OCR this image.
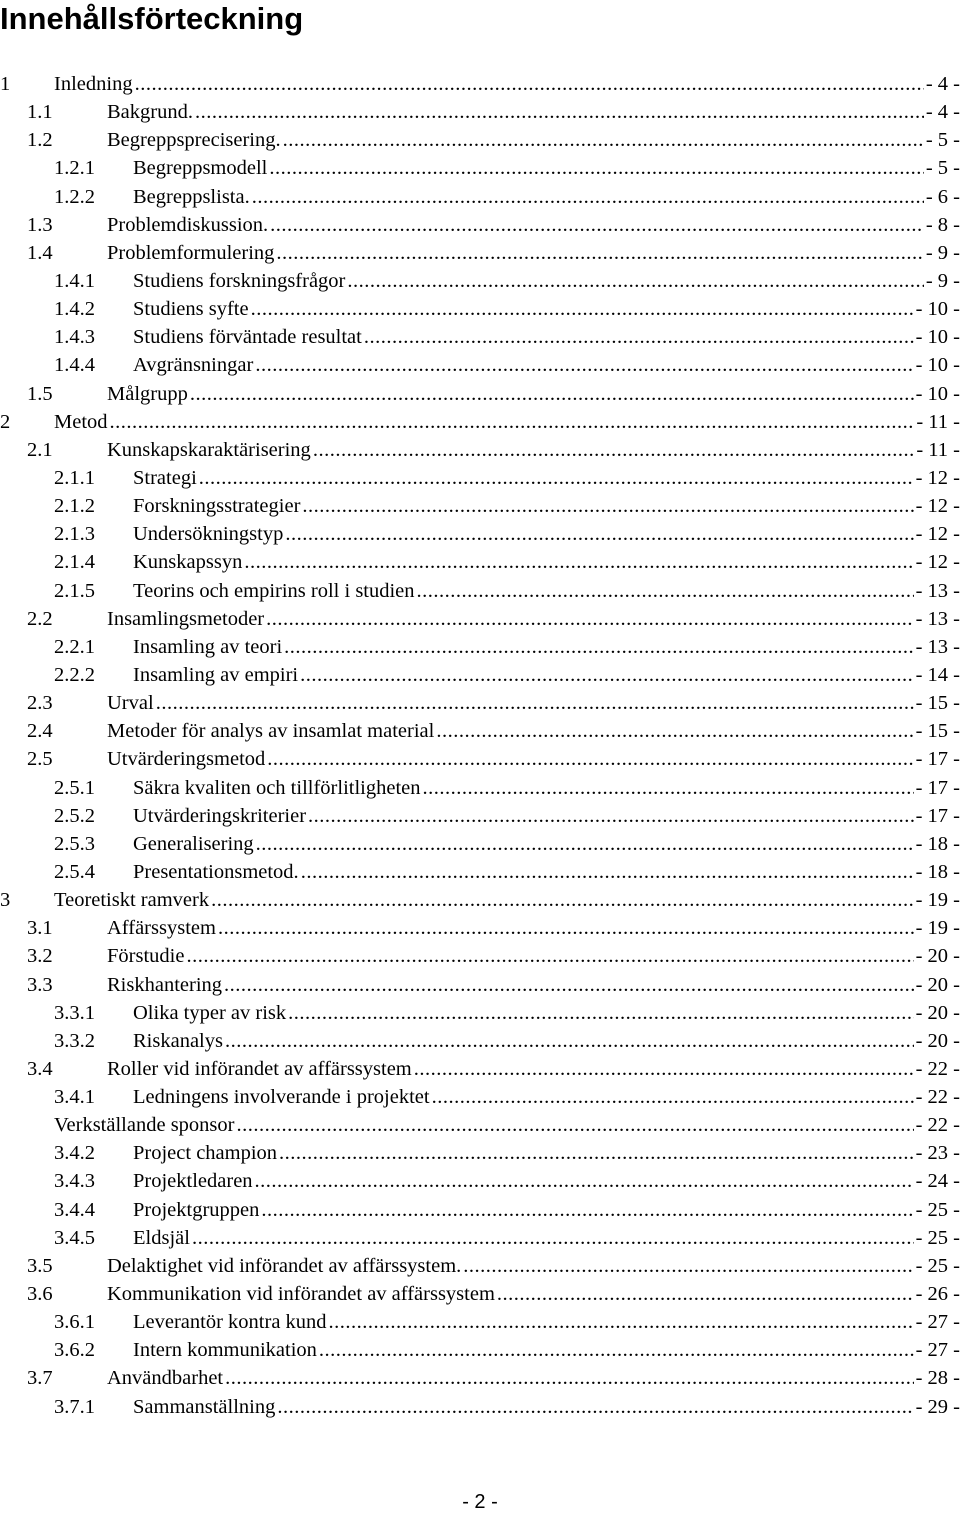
Innehållsförteckning
1 Inledning .....	- 4 -
1.1	Bakgrund. .....	- 4 -
1.2	Begreppsprecisering. .....	- 5 -
1.2.1 Begreppsmodell .....	- 5 -
1.2.2 Begreppslista. .....	- 6 -
1.3	Problemdiskussion. .....	- 8 -
1.4	Problemformulering .....	- 9 -
1.4.1 Studiens forskningsfrågor .....	- 9 -
1.4.2 Studiens syfte .....	- 10 -
1.4.3 Studiens förväntade resultat .....	- 10 -
1.4.4 Avgränsningar .....	- 10 -
1.5	Målgrupp .....	- 10 -
2 Metod .....	- 11 -
2.1	Kunskapskaraktärisering .....	- 11 -
2.1.1 Strategi .....	- 12 -
2.1.2 Forskningsstrategier .....	- 12 -
2.1.3 Undersökningstyp .....	- 12 -
2.1.4 Kunskapssyn .....	- 12 -
2.1.5 Teorins och empirins roll i studien .....	- 13 -
2.2	Insamlingsmetoder .....	- 13 -
2.2.1 Insamling av teori .....	- 13 -
2.2.2 Insamling av empiri .....	- 14 -
2.3	Urval .....	- 15 -
2.4	Metoder för analys av insamlat material .....	- 15 -
2.5	Utvärderingsmetod .....	- 17 -
2.5.1 Säkra kvaliten och tillförlitligheten .....	- 17 -
2.5.2 Utvärderingskriterier .....	- 17 -
2.5.3 Generalisering .....	- 18 -
2.5.4 Presentationsmetod. .....	- 18 -
3 Teoretiskt ramverk .....	- 19 -
3.1	Affärssystem .....	- 19 -
3.2	Förstudie .....	- 20 -
3.3	Riskhantering .....	- 20 -
3.3.1 Olika typer av risk .....	- 20 -
3.3.2 Riskanalys .....	- 20 -
3.4	Roller vid införandet av affärssystem .....	- 22 -
3.4.1 Ledningens involverande i projektet .....	- 22 -
Verkställande sponsor .....	- 22 -
3.4.2 Project champion .....	- 23 -
3.4.3 Projektledaren .....	- 24 -
3.4.4 Projektgruppen .....	- 25 -
3.4.5 Eldsjäl .....	- 25 -
3.5	Delaktighet vid införandet av affärssystem. .....	- 25 -
3.6	Kommunikation vid införandet av affärssystem .....	- 26 -
3.6.1 Leverantör kontra kund .....	- 27 -
3.6.2 Intern kommunikation .....	- 27 -
3.7	Användbarhet .....	- 28 -
3.7.1 Sammanställning .....	- 29 -
- 2 -
